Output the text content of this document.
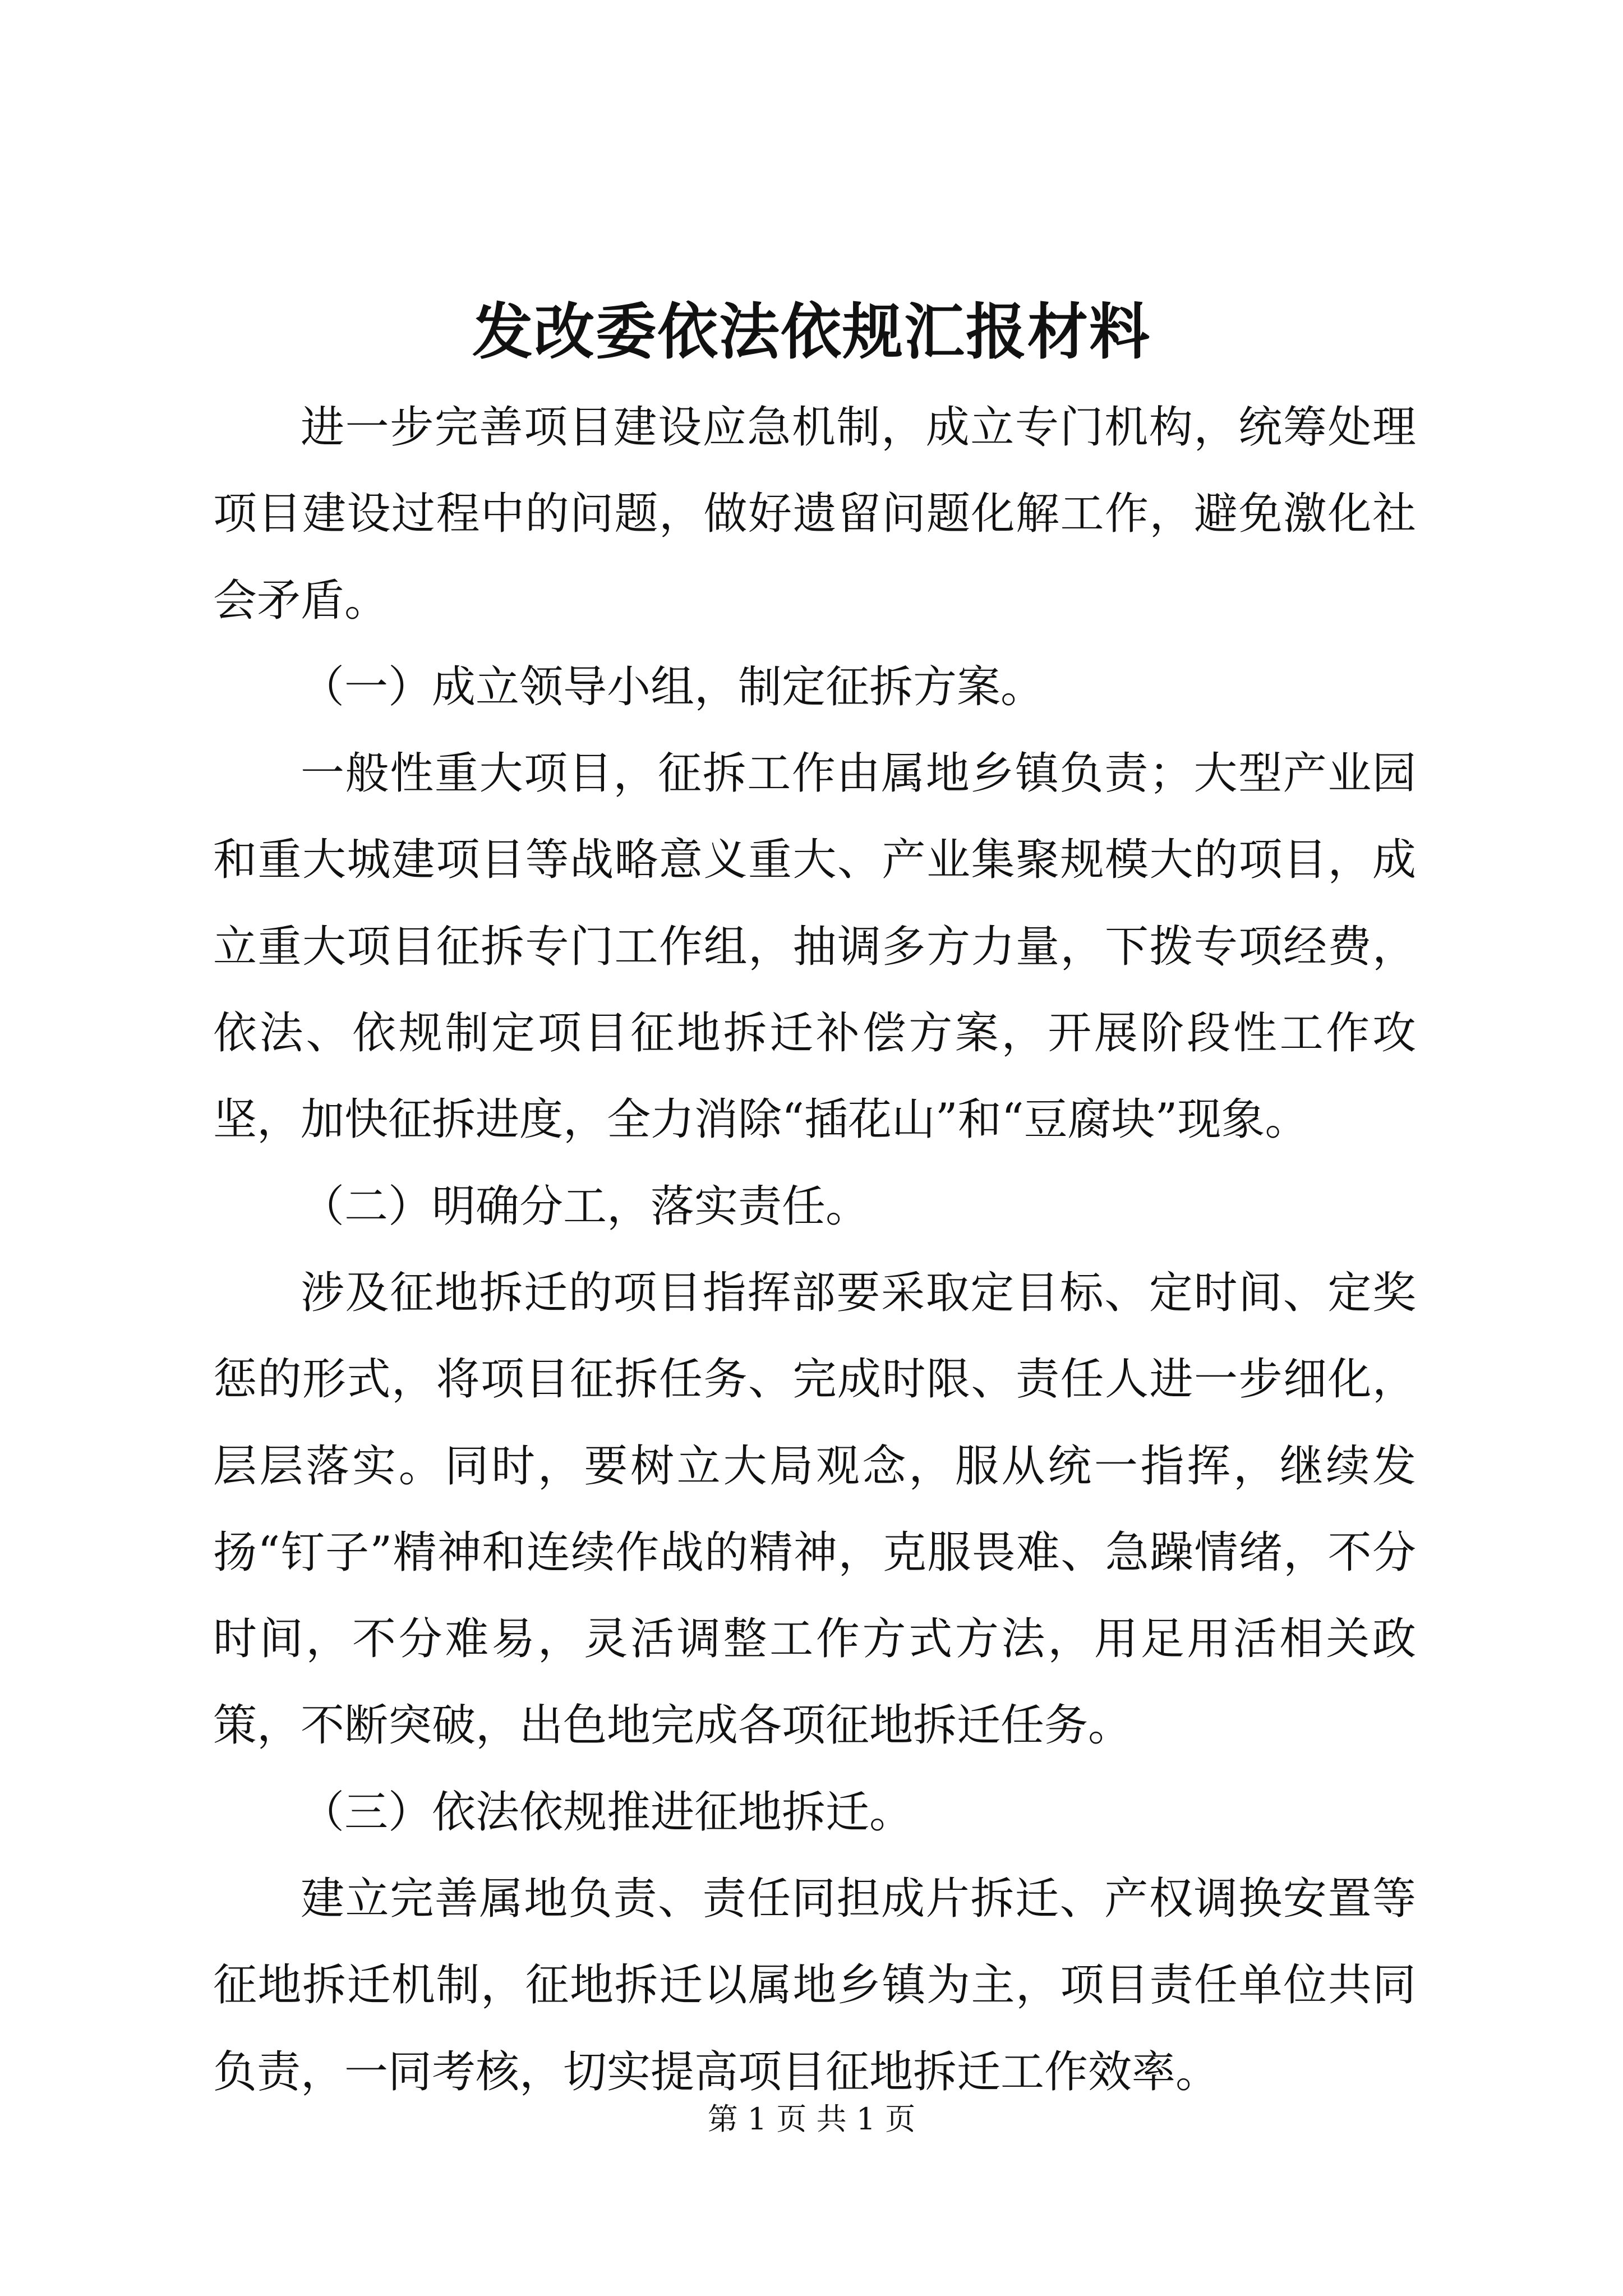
发改委依法依规汇报材料

进一步完善项目建设应急机制，成立专门机构，统筹处理项目建设过程中的问题，做好遗留问题化解工作，避免激化社会矛盾。

（一）成立领导小组，制定征拆方案。

一般性重大项目，征拆工作由属地乡镇负责；大型产业园和重大城建项目等战略意义重大、产业集聚规模大的项目，成立重大项目征拆专门工作组，抽调多方力量，下拨专项经费，依法、依规制定项目征地拆迁补偿方案，开展阶段性工作攻坚，加快征拆进度，全力消除“插花山”和“豆腐块”现象。

（二）明确分工，落实责任。

涉及征地拆迁的项目指挥部要采取定目标、定时间、定奖惩的形式，将项目征拆任务、完成时限、责任人进一步细化，层层落实。同时，要树立大局观念，服从统一指挥，继续发扬“钉子”精神和连续作战的精神，克服畏难、急躁情绪，不分时间，不分难易，灵活调整工作方式方法，用足用活相关政策，不断突破，出色地完成各项征地拆迁任务。

（三）依法依规推进征地拆迁。

建立完善属地负责、责任同担成片拆迁、产权调换安置等征地拆迁机制，征地拆迁以属地乡镇为主，项目责任单位共同负责，一同考核，切实提高项目征地拆迁工作效率。

第 1 页 共 1 页
